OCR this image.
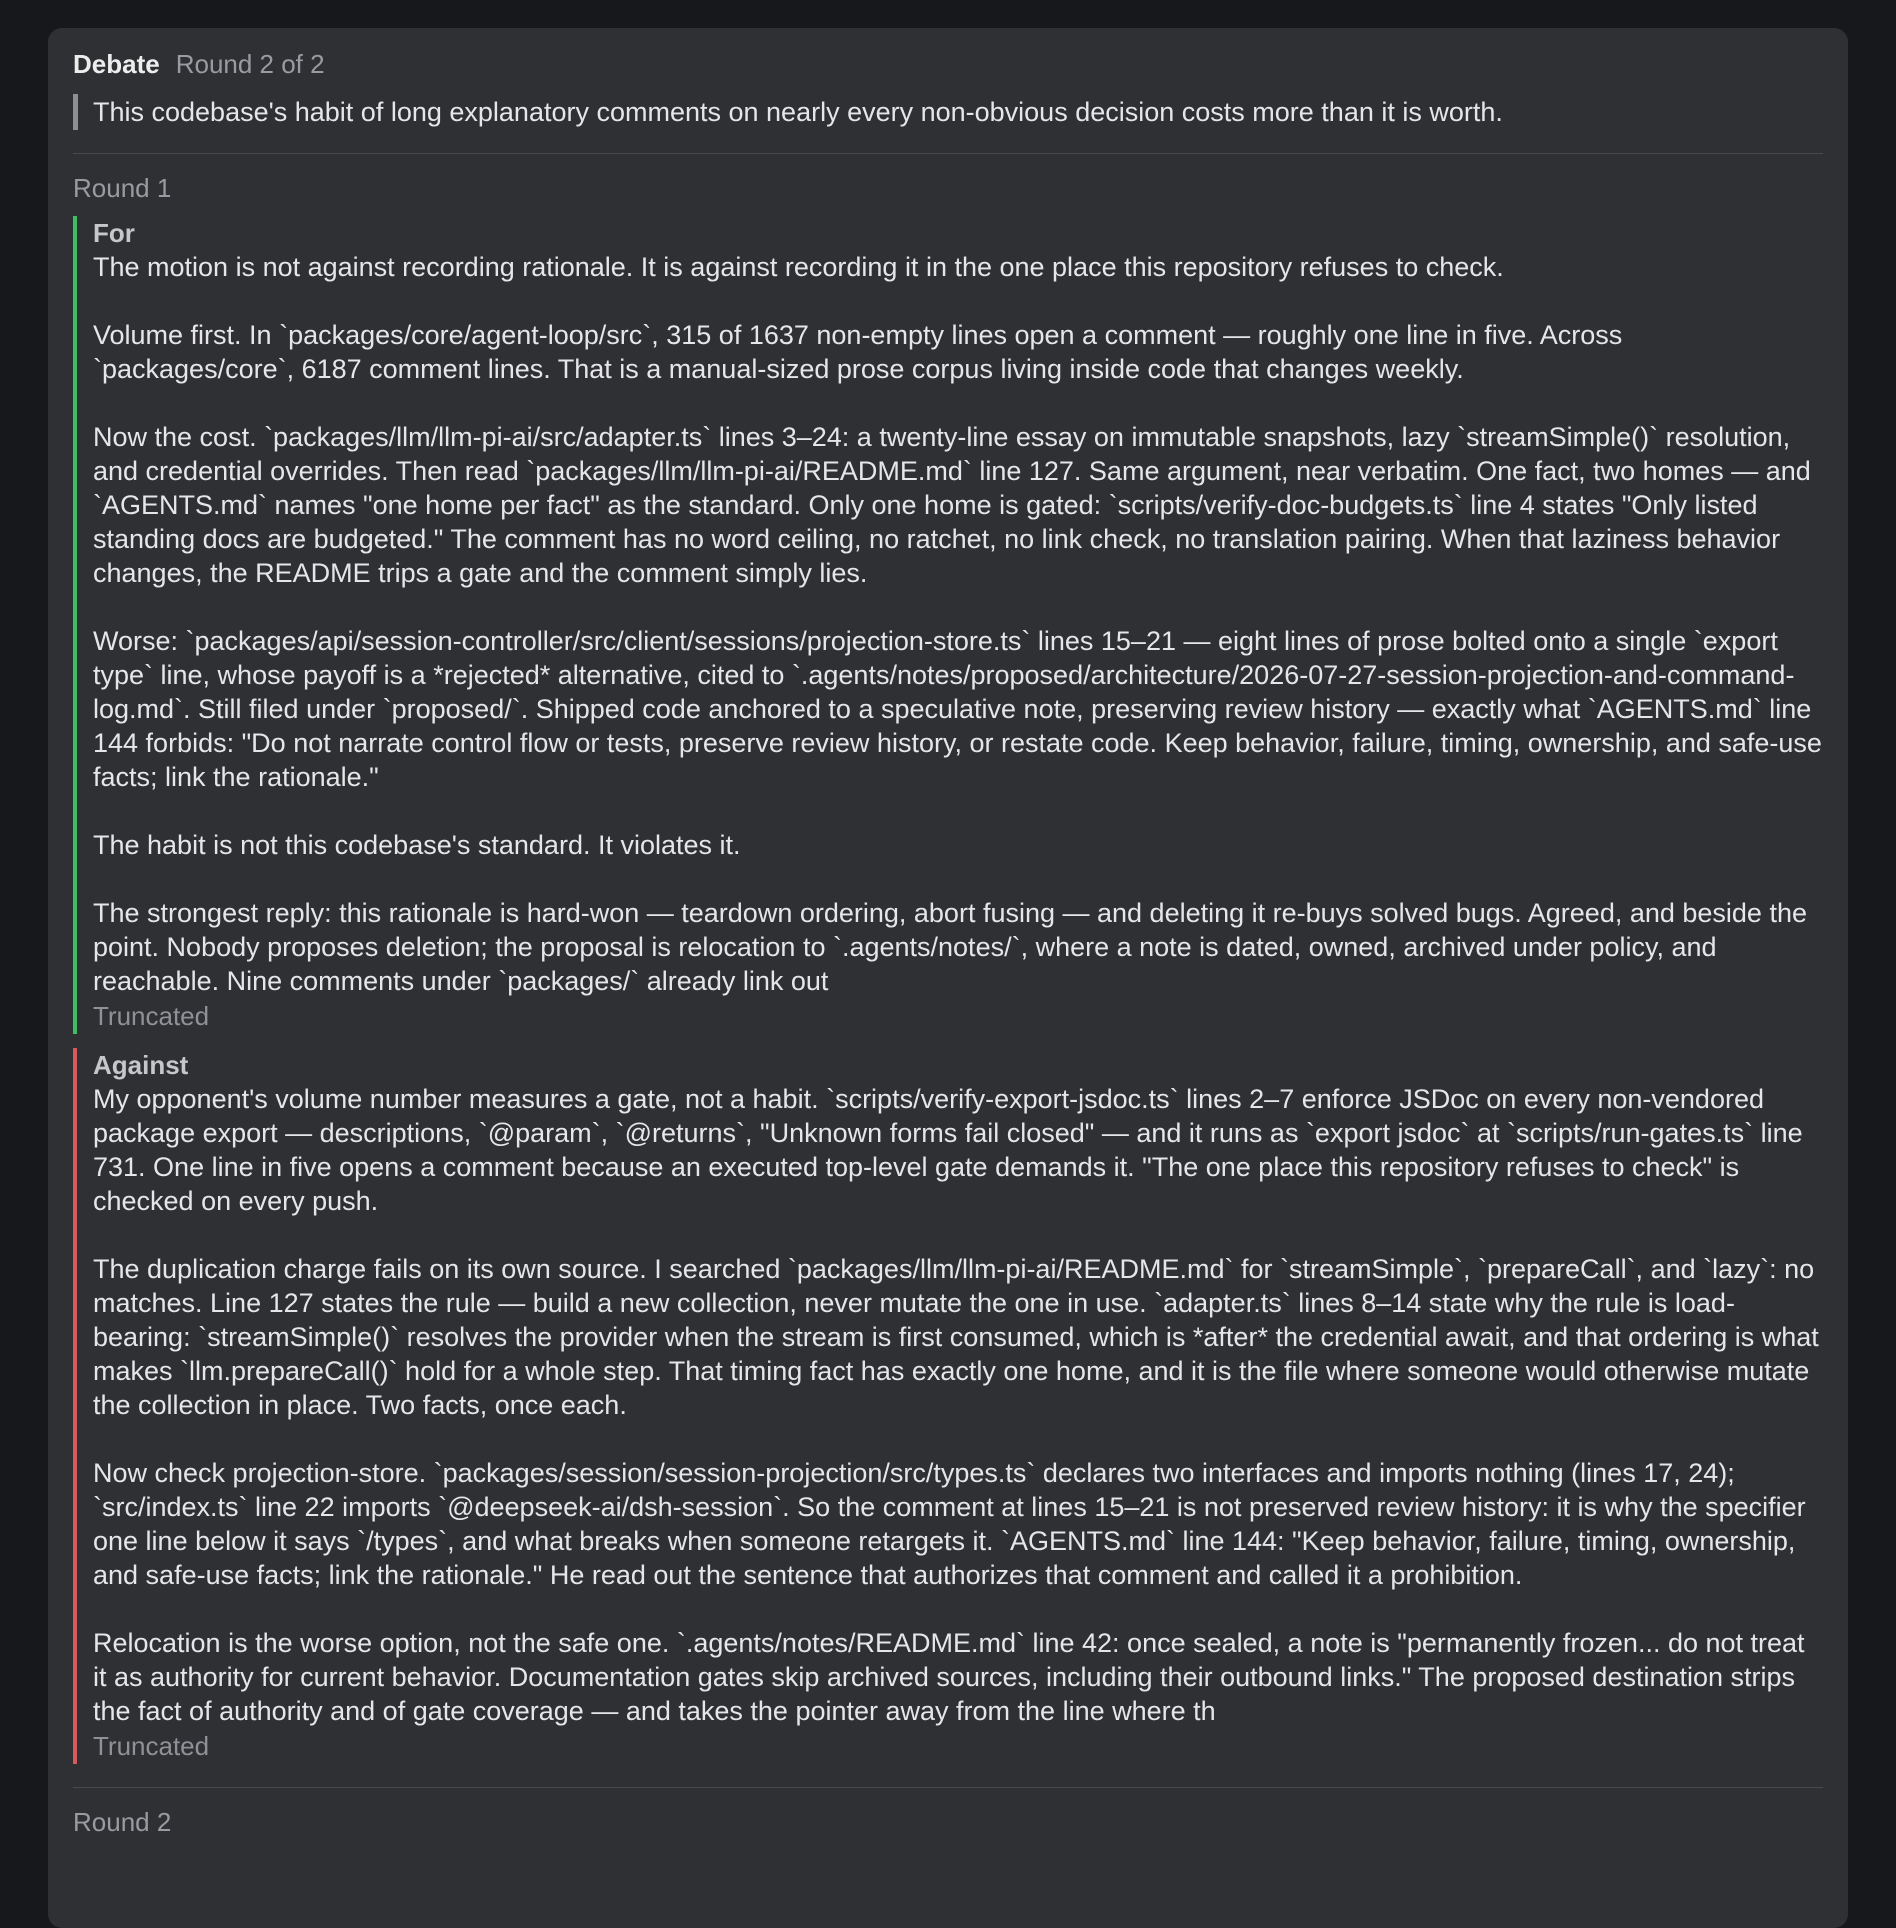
Debate Round 2 of 2
This codebase's habit of long explanatory comments on nearly every non-obvious decision costs more than it is worth.
Round 1
For

The motion is not against recording rationale. It is against recording it in the one place this repository refuses to check.

Volume first. In `packages/core/agent-loop/src`, 315 of 1637 non-empty lines open a comment — roughly one line in five. Across `packages/core`, 6187 comment lines. That is a manual-sized prose corpus living inside code that changes weekly.

Now the cost. `packages/llm/llm-pi-ai/src/adapter.ts` lines 3–24: a twenty-line essay on immutable snapshots, lazy `streamSimple()` resolution, and credential overrides. Then read `packages/llm/llm-pi-ai/README.md` line 127. Same argument, near verbatim. One fact, two homes — and `AGENTS.md` names "one home per fact" as the standard. Only one home is gated: `scripts/verify-doc-budgets.ts` line 4 states "Only listed standing docs are budgeted." The comment has no word ceiling, no ratchet, no link check, no translation pairing. When that laziness behavior changes, the README trips a gate and the comment simply lies.

Worse: `packages/api/session-controller/src/client/sessions/projection-store.ts` lines 15–21 — eight lines of prose bolted onto a single `export type` line, whose payoff is a *rejected* alternative, cited to `.agents/notes/proposed/architecture/2026-07-27-session-projection-and-command-log.md`. Still filed under `proposed/`. Shipped code anchored to a speculative note, preserving review history — exactly what `AGENTS.md` line 144 forbids: "Do not narrate control flow or tests, preserve review history, or restate code. Keep behavior, failure, timing, ownership, and safe-use facts; link the rationale."

The habit is not this codebase's standard. It violates it.

The strongest reply: this rationale is hard-won — teardown ordering, abort fusing — and deleting it re-buys solved bugs. Agreed, and beside the point. Nobody proposes deletion; the proposal is relocation to `.agents/notes/`, where a note is dated, owned, archived under policy, and reachable. Nine comments under `packages/` already link out

Truncated
Against

My opponent's volume number measures a gate, not a habit. `scripts/verify-export-jsdoc.ts` lines 2–7 enforce JSDoc on every non-vendored package export — descriptions, `@param`, `@returns`, "Unknown forms fail closed" — and it runs as `export jsdoc` at `scripts/run-gates.ts` line 731. One line in five opens a comment because an executed top-level gate demands it. "The one place this repository refuses to check" is checked on every push.

The duplication charge fails on its own source. I searched `packages/llm/llm-pi-ai/README.md` for `streamSimple`, `prepareCall`, and `lazy`: no matches. Line 127 states the rule — build a new collection, never mutate the one in use. `adapter.ts` lines 8–14 state why the rule is load-bearing: `streamSimple()` resolves the provider when the stream is first consumed, which is *after* the credential await, and that ordering is what makes `llm.prepareCall()` hold for a whole step. That timing fact has exactly one home, and it is the file where someone would otherwise mutate the collection in place. Two facts, once each.

Now check projection-store. `packages/session/session-projection/src/types.ts` declares two interfaces and imports nothing (lines 17, 24); `src/index.ts` line 22 imports `@deepseek-ai/dsh-session`. So the comment at lines 15–21 is not preserved review history: it is why the specifier one line below it says `/types`, and what breaks when someone retargets it. `AGENTS.md` line 144: "Keep behavior, failure, timing, ownership, and safe-use facts; link the rationale." He read out the sentence that authorizes that comment and called it a prohibition.

Relocation is the worse option, not the safe one. `.agents/notes/README.md` line 42: once sealed, a note is "permanently frozen... do not treat it as authority for current behavior. Documentation gates skip archived sources, including their outbound links." The proposed destination strips the fact of authority and of gate coverage — and takes the pointer away from the line where th

Truncated
Round 2
